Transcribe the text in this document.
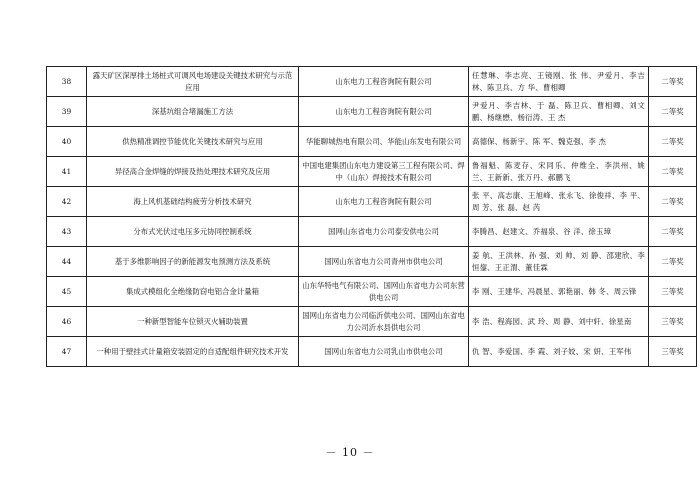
38	露天矿区深厚排土场桩式可调风电场建设关键技术研究与示范应用	山东电力工程咨询院有限公司	任慧琳、李志亮、王镜刚、张 伟、尹爱月、李吉林、陈卫兵、方 华、曹相卿	二等奖
39	深基坑组合堵漏施工方法	山东电力工程咨询院有限公司	尹爱月、李吉林、于 磊、陈卫兵、曹相卿、刘文鹏、杨继懋、杨衍涛、王 杰	二等奖
40	供热精准调控节能优化关键技术研究与应用	华能聊城热电有限公司、华能山东发电有限公司	高德保、杨新宇、陈 军、魏克强、李 杰	二等奖
41	异径高合金焊缝的焊接及热处理技术研究及应用	中国电建集团山东电力建设第三工程有限公司、焊中（山东）焊接技术有限公司	鲁福魁、陈麦存、宋同乐、仲维全、李洪州、姚 兰、王新新、张万丹、郝鹏飞	二等奖
42	海上风机基础结构疲劳分析技术研究	山东电力工程咨询院有限公司	张 平、高志康、王旭峰、张永飞、徐俊祥、李 平、周 芳、张 磊、赵 芮	二等奖
43	分布式光伏过电压多元协同控制系统	国网山东省电力公司泰安供电公司	李腾昌、赵建文、乔福泉、谷 洋、徐玉璋	二等奖
44	基于多维影响因子的新能源发电预测方法及系统	国网山东省电力公司青州市供电公司	姜 航、王洪林、孙 强、刘 帅、刘 静、邵建欣、李恒鋆、王正渭、董佳霖	二等奖
45	集成式模组化全绝缘防窃电铝合金计量箱	山东华特电气有限公司、国网山东省电力公司东营供电公司	李 刚、王建华、冯晨星、郭艳丽、韩 冬、周云锋	三等奖
46	一种新型智能车位锁灭火辅助装置	国网山东省电力公司临沂供电公司、国网山东省电力公司沂水县供电公司	李 浩、程海园、武 玲、周 静、刘中轩、徐星南	三等奖
47	一种用于壁挂式计量箱安装固定的自适配组件研究技术开发	国网山东省电力公司乳山市供电公司	仇 智、李爱国、李 霞、刘子姣、宋 妍、王军伟	三等奖
－ 10 －
